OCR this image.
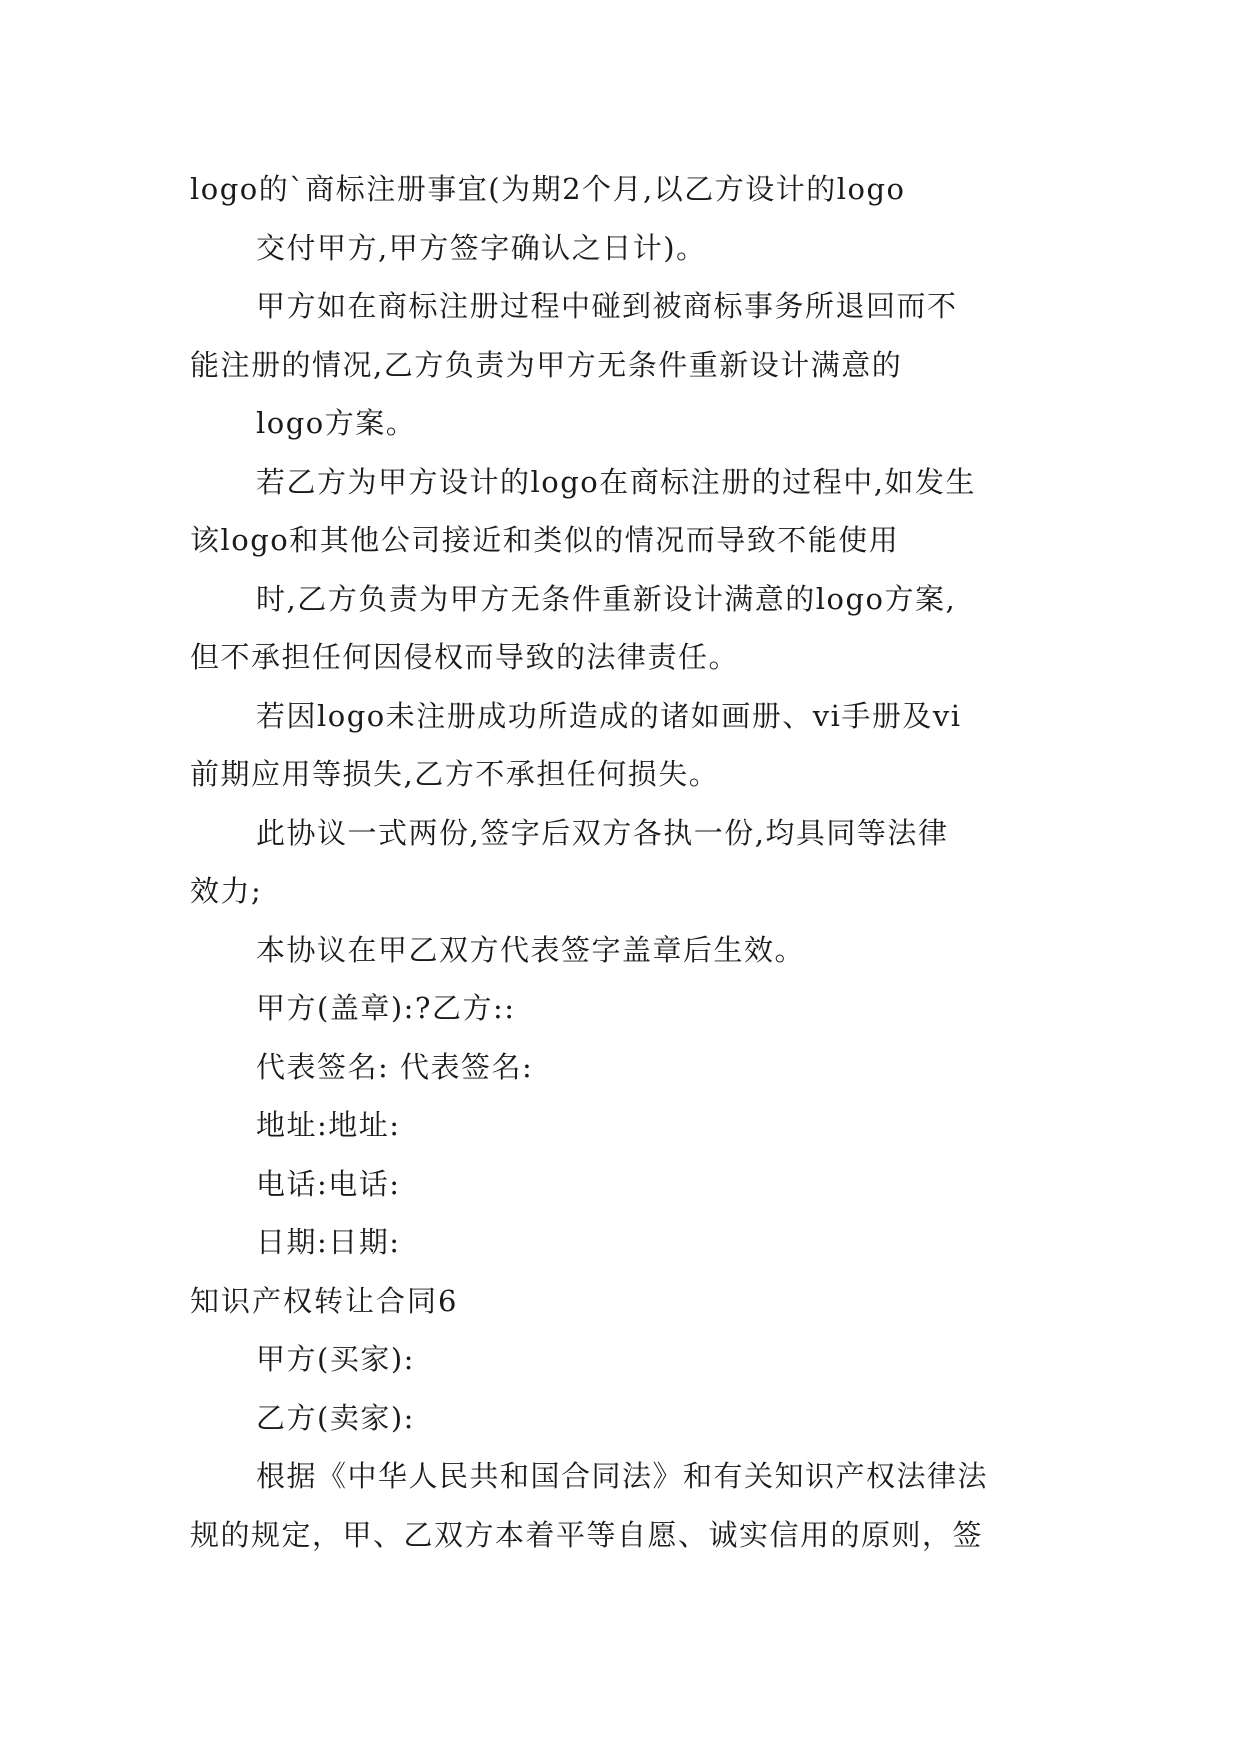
logo的`商标注册事宜(为期2个月,以乙方设计的logo
交付甲方,甲方签字确认之日计)。
甲方如在商标注册过程中碰到被商标事务所退回而不
能注册的情况,乙方负责为甲方无条件重新设计满意的
logo方案。
若乙方为甲方设计的logo在商标注册的过程中,如发生
该logo和其他公司接近和类似的情况而导致不能使用
时,乙方负责为甲方无条件重新设计满意的logo方案,
但不承担任何因侵权而导致的法律责任。
若因logo未注册成功所造成的诸如画册、vi手册及vi
前期应用等损失,乙方不承担任何损失。
此协议一式两份,签字后双方各执一份,均具同等法律
效力;
本协议在甲乙双方代表签字盖章后生效。
甲方(盖章):?乙方::
代表签名: 代表签名:
地址:地址:
电话:电话:
日期:日期:
知识产权转让合同6
甲方(买家):
乙方(卖家):
根据《中华人民共和国合同法》和有关知识产权法律法
规的规定，甲、乙双方本着平等自愿、诚实信用的原则，签
